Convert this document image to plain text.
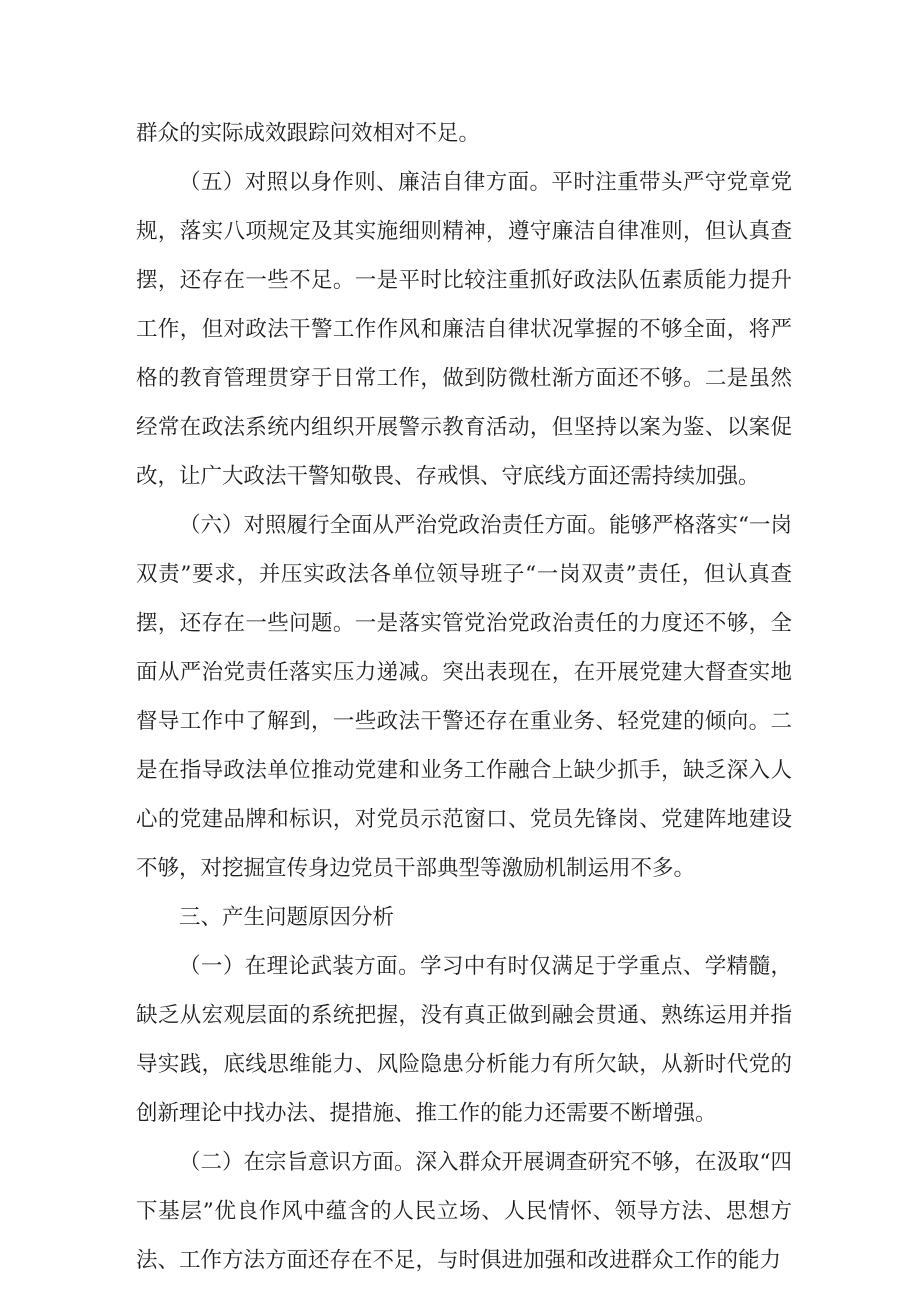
群众的实际成效跟踪问效相对不足。

（五）对照以身作则、廉洁自律方面。平时注重带头严守党章党规，落实八项规定及其实施细则精神，遵守廉洁自律准则，但认真查摆，还存在一些不足。一是平时比较注重抓好政法队伍素质能力提升工作，但对政法干警工作作风和廉洁自律状况掌握的不够全面，将严格的教育管理贯穿于日常工作，做到防微杜渐方面还不够。二是虽然经常在政法系统内组织开展警示教育活动，但坚持以案为鉴、以案促改，让广大政法干警知敬畏、存戒惧、守底线方面还需持续加强。

（六）对照履行全面从严治党政治责任方面。能够严格落实“一岗双责”要求，并压实政法各单位领导班子“一岗双责”责任，但认真查摆，还存在一些问题。一是落实管党治党政治责任的力度还不够，全面从严治党责任落实压力递减。突出表现在，在开展党建大督查实地督导工作中了解到，一些政法干警还存在重业务、轻党建的倾向。二是在指导政法单位推动党建和业务工作融合上缺少抓手，缺乏深入人心的党建品牌和标识，对党员示范窗口、党员先锋岗、党建阵地建设不够，对挖掘宣传身边党员干部典型等激励机制运用不多。

三、产生问题原因分析

（一）在理论武装方面。学习中有时仅满足于学重点、学精髓，缺乏从宏观层面的系统把握，没有真正做到融会贯通、熟练运用并指导实践，底线思维能力、风险隐患分析能力有所欠缺，从新时代党的创新理论中找办法、提措施、推工作的能力还需要不断增强。

（二）在宗旨意识方面。深入群众开展调查研究不够，在汲取“四下基层”优良作风中蕴含的人民立场、人民情怀、领导方法、思想方法、工作方法方面还存在不足，与时俱进加强和改进群众工作的能力
